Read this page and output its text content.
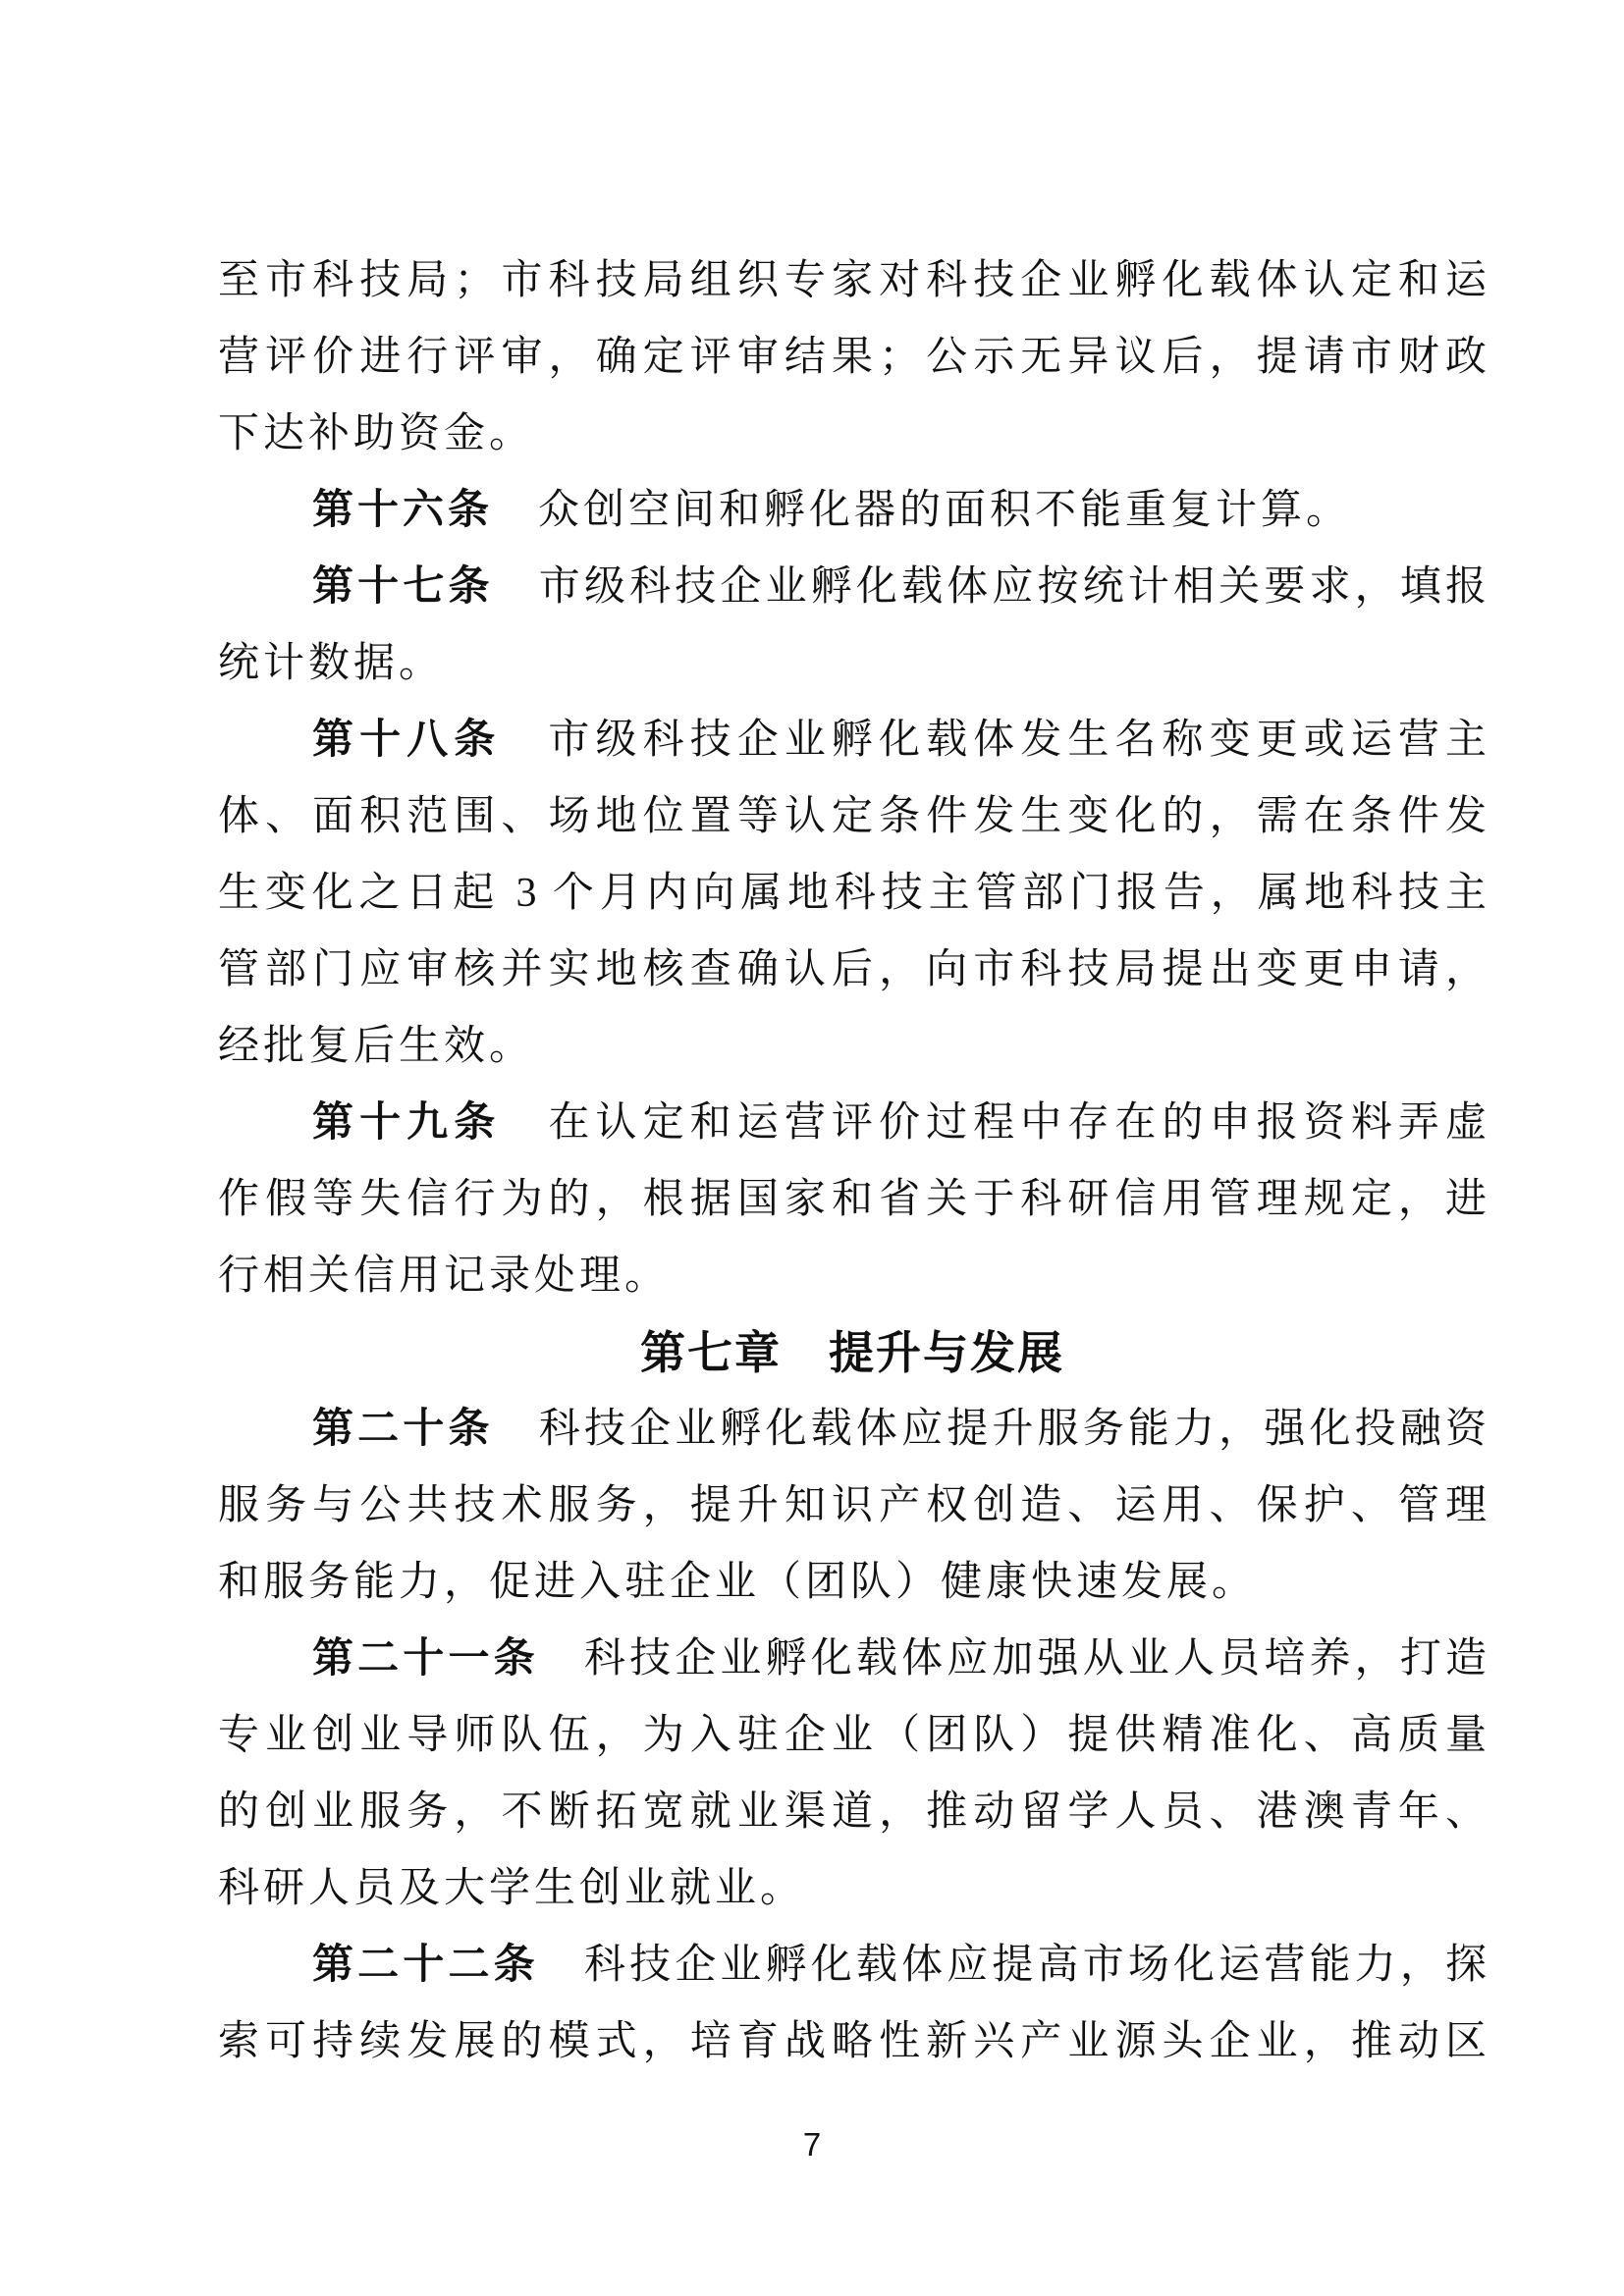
至市科技局；市科技局组织专家对科技企业孵化载体认定和运
营评价进行评审，确定评审结果；公示无异议后，提请市财政
下达补助资金。
第十六条　众创空间和孵化器的面积不能重复计算。
第十七条　市级科技企业孵化载体应按统计相关要求，填报
统计数据。
第十八条　市级科技企业孵化载体发生名称变更或运营主
体、面积范围、场地位置等认定条件发生变化的，需在条件发
生变化之日起 3 个月内向属地科技主管部门报告，属地科技主
管部门应审核并实地核查确认后，向市科技局提出变更申请，
经批复后生效。
第十九条　在认定和运营评价过程中存在的申报资料弄虚
作假等失信行为的，根据国家和省关于科研信用管理规定，进
行相关信用记录处理。
第七章　提升与发展
第二十条　科技企业孵化载体应提升服务能力，强化投融资
服务与公共技术服务，提升知识产权创造、运用、保护、管理
和服务能力，促进入驻企业（团队）健康快速发展。
第二十一条　科技企业孵化载体应加强从业人员培养，打造
专业创业导师队伍，为入驻企业（团队）提供精准化、高质量
的创业服务，不断拓宽就业渠道，推动留学人员、港澳青年、
科研人员及大学生创业就业。
第二十二条　科技企业孵化载体应提高市场化运营能力，探
索可持续发展的模式，培育战略性新兴产业源头企业，推动区
7
